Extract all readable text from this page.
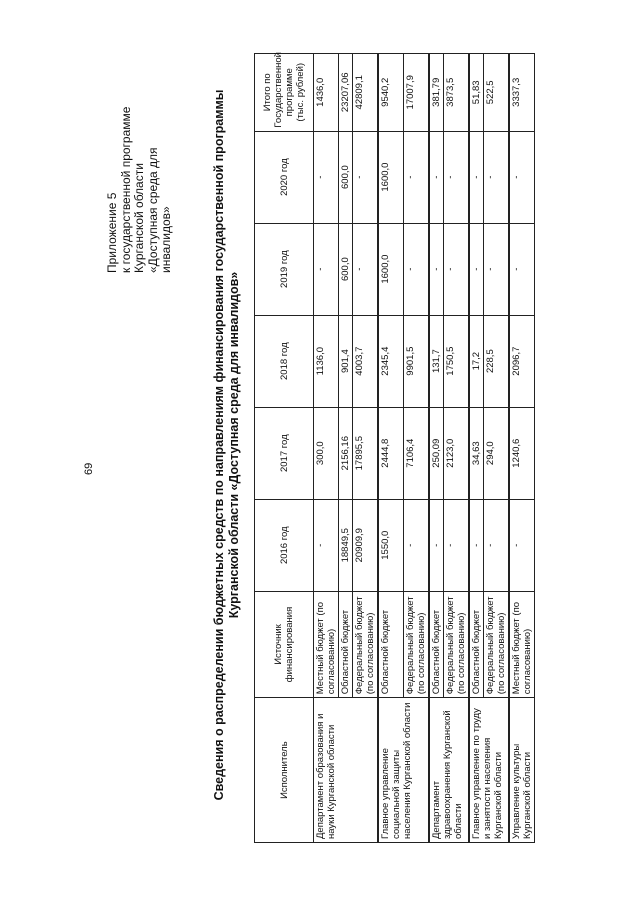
69
Приложение 5 к государственной программе Курганской области «Доступная среда для инвалидов»	Сведения о распределении бюджетных средств по направлениям финансирования государственной программы Курганской области «Доступная среда для инвалидов»
Исполнитель	Источник финансирования	2016 год	2017 год	2018 год	2019 год	2020 год	Итого по Государственной программе (тыс. рублей)
Департамент образования и науки Курганской области	Местный бюджет (по согласованию)	-	300,0	1136,0	-	-	1436,0
	Областной бюджет	18849,5	2156,16	901,4	600,0	600,0	23207,06
	Федеральный бюджет (по согласованию)	20909,9	17895,5	4003,7	-	-	42809,1
Главное управление социальной защиты населения Курганской области	Областной бюджет	1550,0	2444,8	2345,4	1600,0	1600,0	9540,2
	Федеральный бюджет (по согласованию)	-	7106,4	9901,5	-	-	17007,9
Департамент здравоохранения Курганской области	Областной бюджет	-	250,09	131,7	-	-	381,79
	Федеральный бюджет (по согласованию)	-	2123,0	1750,5	-	-	3873,5
Главное управление по труду и занятости населения Курганской области	Областной бюджет	-	34,63	17,2	-	-	51,83
	Федеральный бюджет (по согласованию)	-	294,0	228,5	-	-	522,5
Управление культуры Курганской области	Местный бюджет (по согласованию)	-	1240,6	2096,7	-	-	3337,3
